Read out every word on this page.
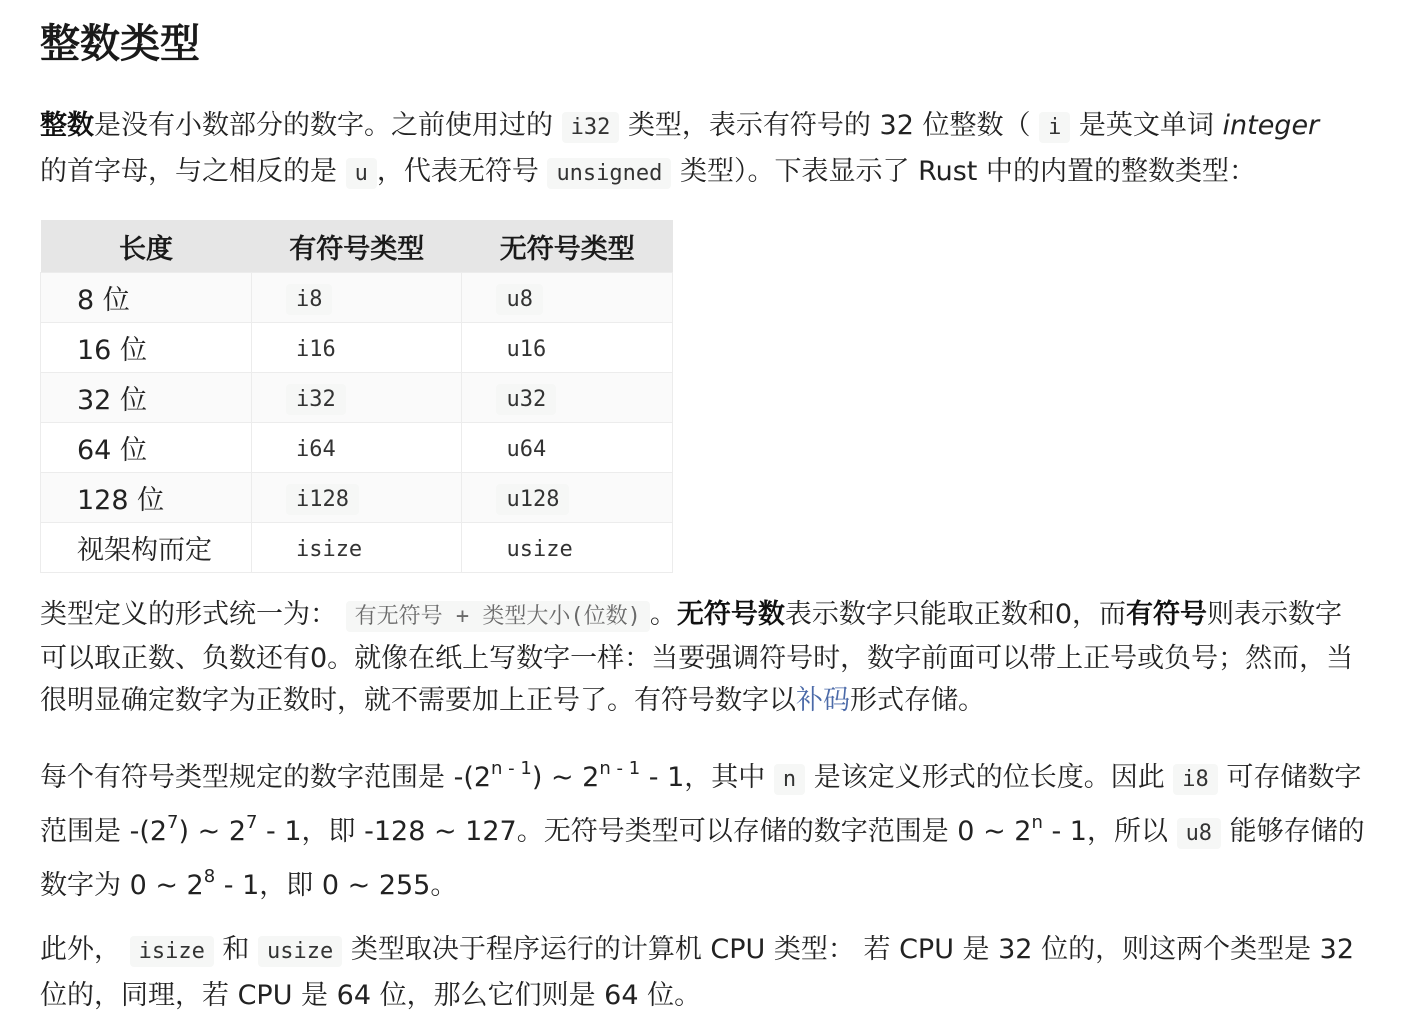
整数类型

整数是没有小数部分的数字。之前使用过的 i32 类型，表示有符号的 32 位整数（ i 是英文单词 integer
的首字母，与之相反的是 u ，代表无符号 unsigned 类型）。下表显示了 Rust 中的内置的整数类型：

长度	有符号类型	无符号类型
8 位	i8	u8
16 位	i16	u16
32 位	i32	u32
64 位	i64	u64
128 位	i128	u128
视架构而定	isize	usize

类型定义的形式统一为： 有无符号 + 类型大小(位数) 。无符号数表示数字只能取正数和0，而有符号则表示数字可以取正数、负数还有0。就像在纸上写数字一样：当要强调符号时，数字前面可以带上正号或负号；然而，当很明显确定数字为正数时，就不需要加上正号了。有符号数字以补码形式存储。

每个有符号类型规定的数字范围是 -(2$^{n - 1}$) ~ 2$^{n - 1}$ - 1，其中 n 是该定义形式的位长度。因此 i8 可存储数字范围是 $-(2^7)$ ~ $2^7 - 1$，即 -128 ~ 127。无符号类型可以存储的数字范围是 0 ~ 2$^n$ - 1，所以 u8 能够存储的数字为 0 ~ $2^8 - 1$，即 0 ~ 255。

此外， isize 和 usize 类型取决于程序运行的计算机 CPU 类型： 若 CPU 是 32 位的，则这两个类型是 32 位的，同理，若 CPU 是 64 位，那么它们则是 64 位。
